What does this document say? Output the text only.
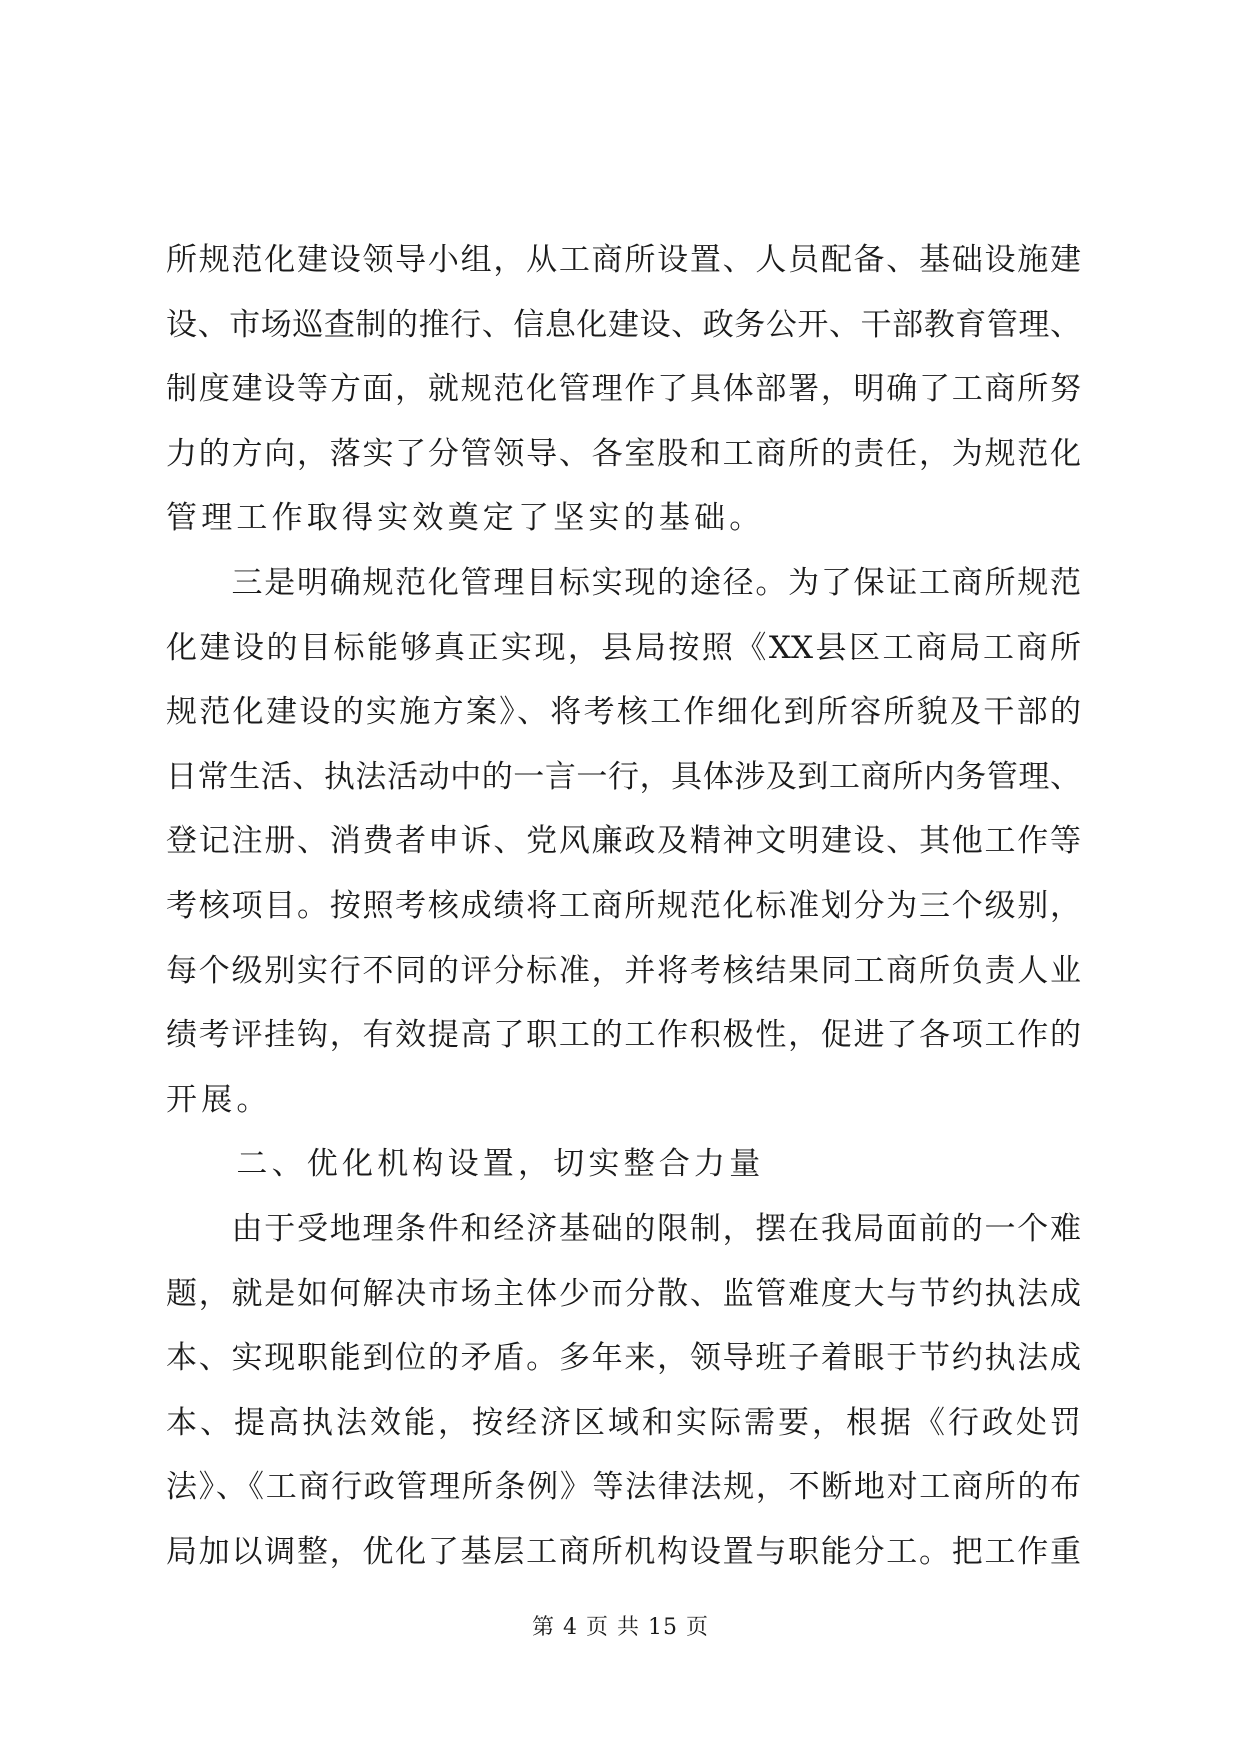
所规范化建设领导小组，从工商所设置、人员配备、基础设施建
设、市场巡查制的推行、信息化建设、政务公开、干部教育管理、
制度建设等方面，就规范化管理作了具体部署，明确了工商所努
力的方向，落实了分管领导、各室股和工商所的责任，为规范化
管理工作取得实效奠定了坚实的基础。
　　三是明确规范化管理目标实现的途径。为了保证工商所规范
化建设的目标能够真正实现，县局按照《XX县区工商局工商所
规范化建设的实施方案》、将考核工作细化到所容所貌及干部的
日常生活、执法活动中的一言一行，具体涉及到工商所内务管理、
登记注册、消费者申诉、党风廉政及精神文明建设、其他工作等
考核项目。按照考核成绩将工商所规范化标准划分为三个级别，
每个级别实行不同的评分标准，并将考核结果同工商所负责人业
绩考评挂钩，有效提高了职工的工作积极性，促进了各项工作的
开展。
　　二、优化机构设置，切实整合力量
　　由于受地理条件和经济基础的限制，摆在我局面前的一个难
题，就是如何解决市场主体少而分散、监管难度大与节约执法成
本、实现职能到位的矛盾。多年来，领导班子着眼于节约执法成
本、提高执法效能，按经济区域和实际需要，根据《行政处罚
法》、《工商行政管理所条例》等法律法规，不断地对工商所的布
局加以调整，优化了基层工商所机构设置与职能分工。把工作重
第 4 页 共 15 页
